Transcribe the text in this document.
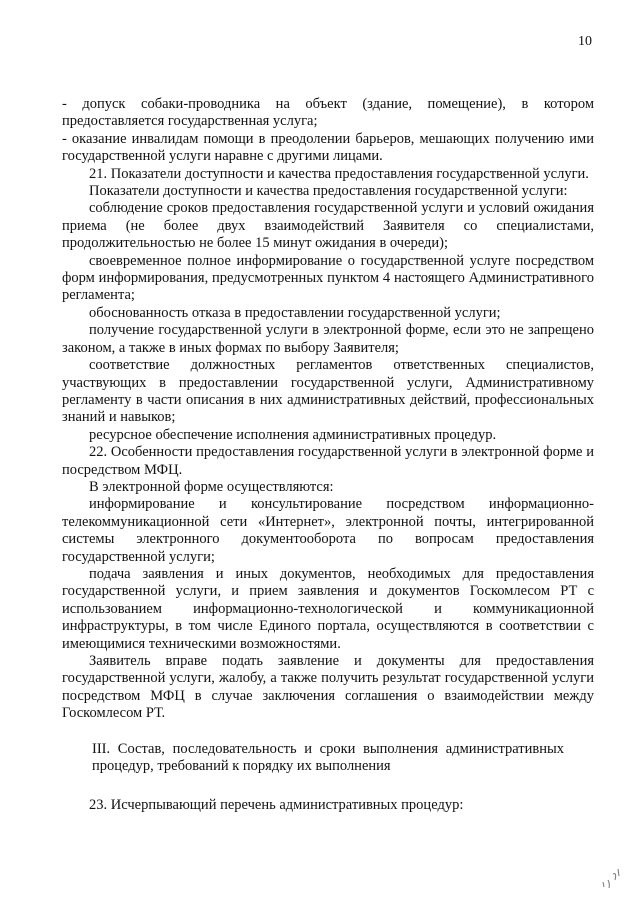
10

- допуск собаки-проводника на объект (здание, помещение), в котором предоставляется государственная услуга;

- оказание инвалидам помощи в преодолении барьеров, мешающих получению ими государственной услуги наравне с другими лицами.

21. Показатели доступности и качества предоставления государственной услуги.

Показатели доступности и качества предоставления государственной услуги:

соблюдение сроков предоставления государственной услуги и условий ожидания приема (не более двух взаимодействий Заявителя со специалистами, продолжительностью не более 15 минут ожидания в очереди);

своевременное полное информирование о государственной услуге посредством форм информирования, предусмотренных пунктом 4 настоящего Административного регламента;

обоснованность отказа в предоставлении государственной услуги;

получение государственной услуги в электронной форме, если это не запрещено законом, а также в иных формах по выбору Заявителя;

соответствие должностных регламентов ответственных специалистов, участвующих в предоставлении государственной услуги, Административному регламенту в части описания в них административных действий, профессиональных знаний и навыков;

ресурсное обеспечение исполнения административных процедур.

22. Особенности предоставления государственной услуги в электронной форме и посредством МФЦ.

В электронной форме осуществляются:

информирование и консультирование посредством информационно-телекоммуникационной сети «Интернет», электронной почты, интегрированной системы электронного документооборота по вопросам предоставления государственной услуги;

подача заявления и иных документов, необходимых для предоставления государственной услуги, и прием заявления и документов Госкомлесом РТ с использованием информационно-технологической и коммуникационной инфраструктуры, в том числе Единого портала, осуществляются в соответствии с имеющимися техническими возможностями.

Заявитель вправе подать заявление и документы для предоставления государственной услуги, жалобу, а также получить результат государственной услуги посредством МФЦ в случае заключения соглашения о взаимодействии между Госкомлесом РТ.

III. Состав, последовательность и сроки выполнения административных процедур, требований к порядку их выполнения

23. Исчерпывающий перечень административных процедур:
